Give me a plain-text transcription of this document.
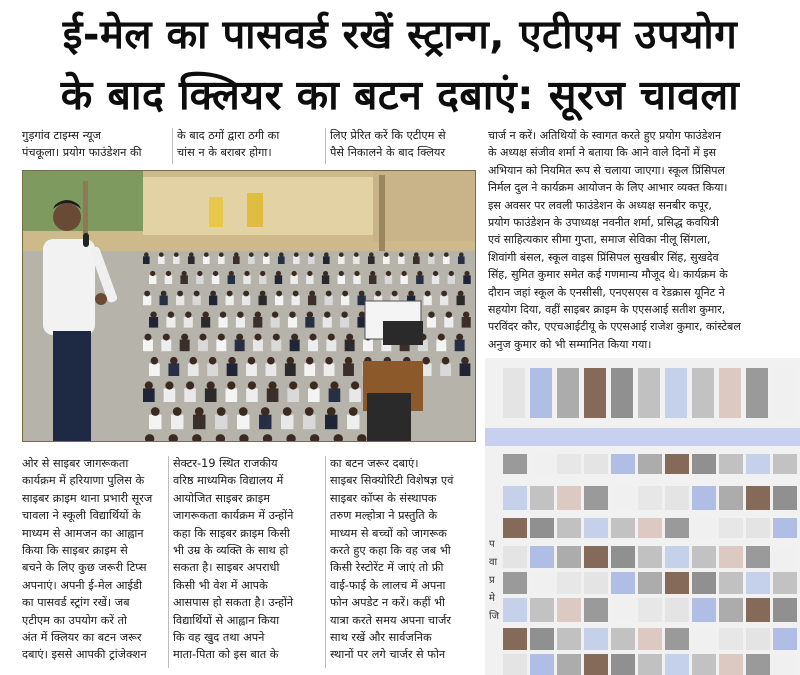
ई-मेल का पासवर्ड रखें स्ट्रान्ग, एटीएम उपयोग
के बाद क्लियर का बटन दबाएं: सूरज चावला

गुड़गांव टाइम्स न्यूज

पंचकूला। प्रयोग फाउंडेशन की

के बाद ठगों द्वारा ठगी का

चांस न के बराबर होगा।

लिए प्रेरित करें कि एटीएम से

पैसे निकालने के बाद क्लियर

चार्ज न करें। अतिथियों के स्वागत करते हुए प्रयोग फाउंडेशन

के अध्यक्ष संजीव शर्मा ने बताया कि आने वाले दिनों में इस

अभियान को नियमित रूप से चलाया जाएगा। स्कूल प्रिंसिपल

निर्मल दुल ने कार्यक्रम आयोजन के लिए आभार व्यक्त किया।

इस अवसर पर लवली फाउंडेशन के अध्यक्ष सनबीर कपूर,

प्रयोग फाउंडेशन के उपाध्यक्ष नवनीत शर्मा, प्रसिद्ध कवयित्री

एवं साहित्यकार सीमा गुप्ता, समाज सेविका नीलू सिंगला,

शिवांगी बंसल, स्कूल वाइस प्रिंसिपल सुखबीर सिंह, सुखदेव

सिंह, सुमित कुमार समेत कई गणमान्य मौजूद थे। कार्यक्रम के

दौरान जहां स्कूल के एनसीसी, एनएसएस व रेडक्रास यूनिट ने

सहयोग दिया, वहीं साइबर क्राइम के एएसआई सतीश कुमार,

परविंदर कौर, एएचआईटीयू के एएसआई राजेश कुमार, कांस्टेबल

अनुज कुमार को भी सम्मानित किया गया।

ओर से साइबर जागरूकता

कार्यक्रम में हरियाणा पुलिस के

साइबर क्राइम थाना प्रभारी सूरज

चावला ने स्कूली विद्यार्थियों के

माध्यम से आमजन का आह्वान

किया कि साइबर क्राइम से

बचने के लिए कुछ जरूरी टिप्स

अपनाएं। अपनी ई-मेल आईडी

का पासवर्ड स्ट्रांग रखें। जब

एटीएम का उपयोग करें तो

अंत में क्लियर का बटन जरूर

दबाएं। इससे आपकी ट्रांजेक्शन

सेक्टर-19 स्थित राजकीय

वरिष्ठ माध्यमिक विद्यालय में

आयोजित साइबर क्राइम

जागरूकता कार्यक्रम में उन्होंने

कहा कि साइबर क्राइम किसी

भी उम्र के व्यक्ति के साथ हो

सकता है। साइबर अपराधी

किसी भी वेश में आपके

आसपास हो सकता है। उन्होंने

विद्यार्थियों से आह्वान किया

कि वह खुद तथा अपने

माता-पिता को इस बात के

का बटन जरूर दबाएं।

साइबर सिक्योरिटी विशेषज्ञ एवं

साइबर कॉप्स के संस्थापक

तरुण मल्होत्रा ने प्रस्तुति के

माध्यम से बच्चों को जागरूक

करते हुए कहा कि वह जब भी

किसी रेस्टोरेंट में जाएं तो फ्री

वाई-फाई के लालच में अपना

फोन अपडेट न करें। कहीं भी

यात्रा करते समय अपना चार्जर

साथ रखें और सार्वजनिक

स्थानों पर लगे चार्जर से फोन

प
वा
प्र
मे
जि
